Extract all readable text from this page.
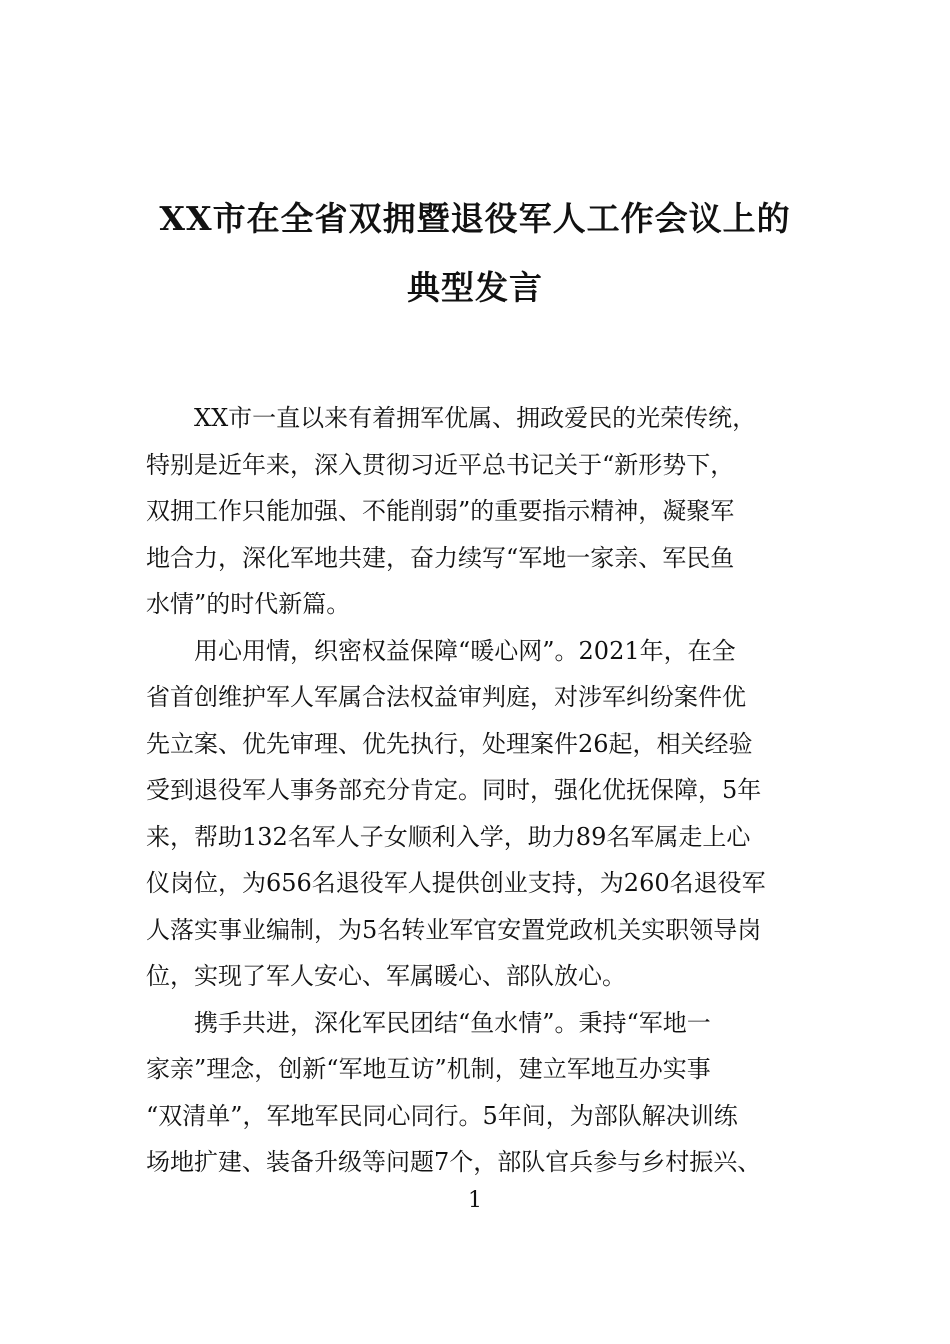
XX市在全省双拥暨退役军人工作会议上的
典型发言
XX市一直以来有着拥军优属、拥政爱民的光荣传统，
特别是近年来，深入贯彻习近平总书记关于“新形势下，
双拥工作只能加强、不能削弱”的重要指示精神，凝聚军
地合力，深化军地共建，奋力续写“军地一家亲、军民鱼
水情”的时代新篇。
用心用情，织密权益保障“暖心网”。2021年，在全
省首创维护军人军属合法权益审判庭，对涉军纠纷案件优
先立案、优先审理、优先执行，处理案件26起，相关经验
受到退役军人事务部充分肯定。同时，强化优抚保障，5年
来，帮助132名军人子女顺利入学，助力89名军属走上心
仪岗位，为656名退役军人提供创业支持，为260名退役军
人落实事业编制，为5名转业军官安置党政机关实职领导岗
位，实现了军人安心、军属暖心、部队放心。
携手共进，深化军民团结“鱼水情”。秉持“军地一
家亲”理念，创新“军地互访”机制，建立军地互办实事
“双清单”，军地军民同心同行。5年间，为部队解决训练
场地扩建、装备升级等问题7个，部队官兵参与乡村振兴、
1
